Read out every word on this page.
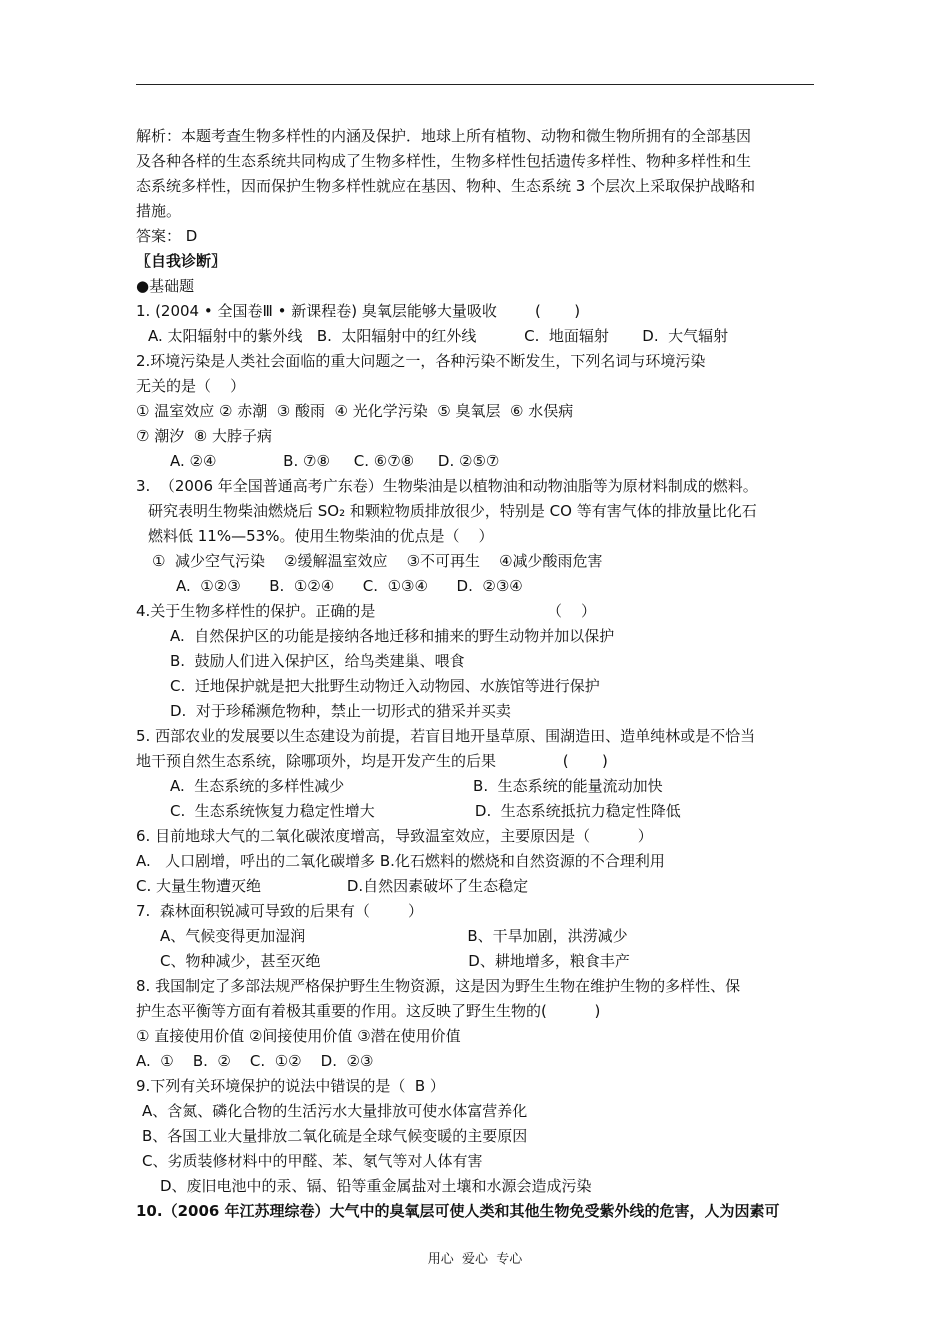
解析：本题考查生物多样性的内涵及保护．地球上所有植物、动物和微生物所拥有的全部基因
及各种各样的生态系统共同构成了生物多样性，生物多样性包括遗传多样性、物种多样性和生
态系统多样性，因而保护生物多样性就应在基因、物种、生态系统 3 个层次上采取保护战略和
措施。
答案： D
〖自我诊断〗
●基础题
1. (2004 • 全国卷Ⅲ • 新课程卷) 臭氧层能够大量吸收        (       )
A. 太阳辐射中的紫外线   B.  太阳辐射中的红外线          C.  地面辐射       D.  大气辐射
2.环境污染是人类社会面临的重大问题之一，各种污染不断发生，下列名词与环境污染
无关的是（    ）
① 温室效应 ② 赤潮  ③ 酸雨  ④ 光化学污染  ⑤ 臭氧层  ⑥ 水俣病
⑦ 潮汐  ⑧ 大脖子病
A. ②④              B. ⑦⑧     C. ⑥⑦⑧     D. ②⑤⑦
3.  （2006 年全国普通高考广东卷）生物柴油是以植物油和动物油脂等为原材料制成的燃料。
研究表明生物柴油燃烧后 SO₂ 和颗粒物质排放很少，特别是 CO 等有害气体的排放量比化石
燃料低 11%—53%。使用生物柴油的优点是（    ）
①  减少空气污染    ②缓解温室效应    ③不可再生    ④减少酸雨危害
A.  ①②③      B.  ①②④      C.  ①③④      D.  ②③④
4.关于生物多样性的保护。正确的是                                    （    ）
A.  自然保护区的功能是接纳各地迁移和捕来的野生动物并加以保护
B.  鼓励人们进入保护区，给鸟类建巢、喂食
C.  迁地保护就是把大批野生动物迁入动物园、水族馆等进行保护
D.  对于珍稀濒危物种，禁止一切形式的猎采并买卖
5. 西部农业的发展要以生态建设为前提，若盲目地开垦草原、围湖造田、造单纯林或是不恰当
地干预自然生态系统，除哪项外，均是开发产生的后果              (       )
A.  生态系统的多样性减少                           B.  生态系统的能量流动加快
C.  生态系统恢复力稳定性增大                     D.  生态系统抵抗力稳定性降低
6. 目前地球大气的二氧化碳浓度增高，导致温室效应，主要原因是（          ）
A.   人口剧增，呼出的二氧化碳增多 B.化石燃料的燃烧和自然资源的不合理利用
C. 大量生物遭灭绝                  D.自然因素破坏了生态稳定
7.  森林面积锐减可导致的后果有（        ）
A、气候变得更加湿润                                  B、干旱加剧，洪涝减少
C、物种减少，甚至灭绝                               D、耕地增多，粮食丰产
8. 我国制定了多部法规严格保护野生生物资源，这是因为野生生物在维护生物的多样性、保
护生态平衡等方面有着极其重要的作用。这反映了野生生物的(          )
① 直接使用价值 ②间接使用价值 ③潜在使用价值
A.  ①    B.  ②    C.  ①②    D.  ②③
9.下列有关环境保护的说法中错误的是（  B ）
A、含氮、磷化合物的生活污水大量排放可使水体富营养化
B、各国工业大量排放二氧化硫是全球气候变暖的主要原因
C、劣质装修材料中的甲醛、苯、氡气等对人体有害
D、废旧电池中的汞、镉、铅等重金属盐对土壤和水源会造成污染
10.（2006 年江苏理综卷）大气中的臭氧层可使人类和其他生物免受紫外线的危害，人为因素可
用心  爱心  专心
